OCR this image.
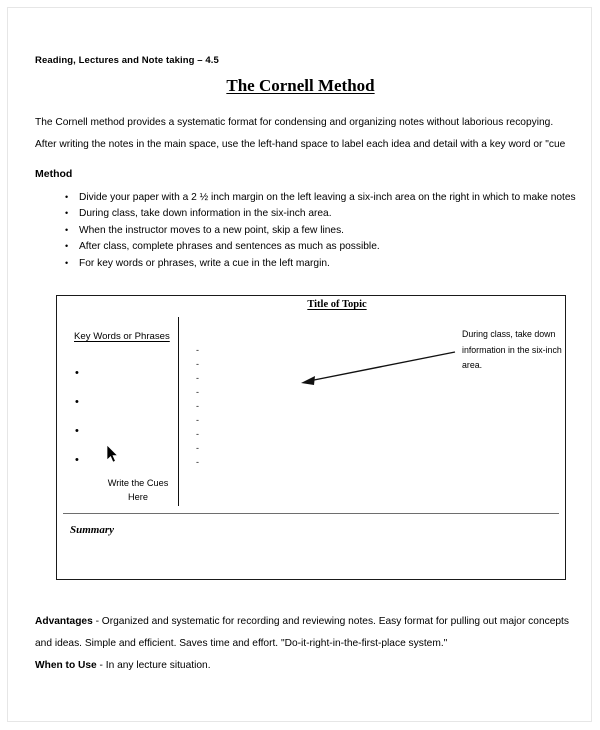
Reading, Lectures and Note taking – 4.5
The Cornell Method
The Cornell method provides a systematic format for condensing and organizing notes without laborious recopying.
After writing the notes in the main space, use the left-hand space to label each idea and detail with a key word or "cue
Method
• Divide your paper with a 2 ½ inch margin on the left leaving a six-inch area on the right in which to make notes
• During class, take down information in the six-inch area.
• When the instructor moves to a new point, skip a few lines.
• After class, complete phrases and sentences as much as possible.
• For key words or phrases, write a cue in the left margin.
Title of Topic
Key Words or Phrases
•
•
•
•
Write the Cues
Here
-
-
-
-
-
-
-
-
-
During class, take down information in the six-inch area.
Summary
Advantages - Organized and systematic for recording and reviewing notes. Easy format for pulling out major concepts
and ideas. Simple and efficient. Saves time and effort. "Do-it-right-in-the-first-place system."
When to Use - In any lecture situation.
